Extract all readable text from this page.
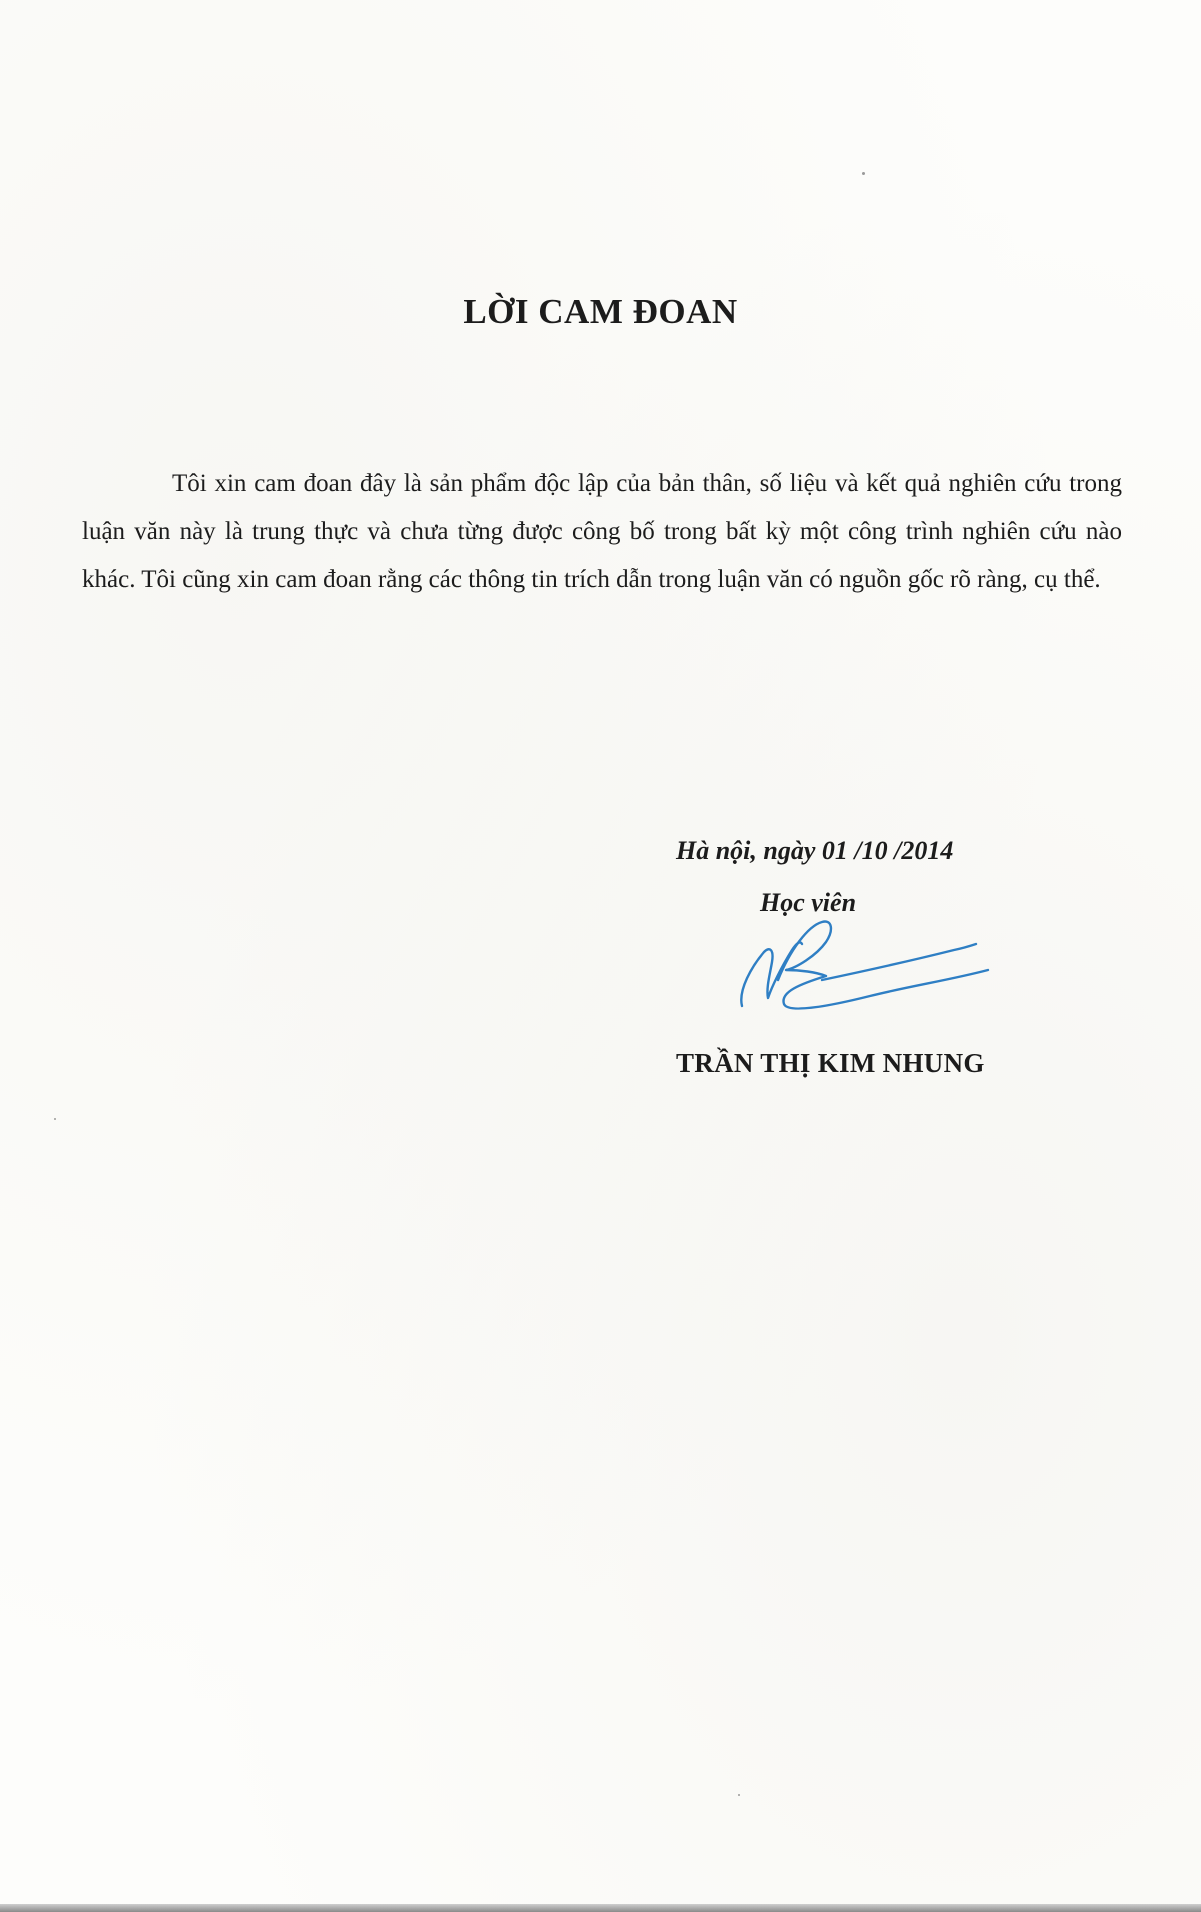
LỜI CAM ĐOAN

Tôi xin cam đoan đây là sản phẩm độc lập của bản thân, số liệu và kết quả nghiên cứu trong luận văn này là trung thực và chưa từng được công bố trong bất kỳ một công trình nghiên cứu nào khác. Tôi cũng xin cam đoan rằng các thông tin trích dẫn trong luận văn có nguồn gốc rõ ràng, cụ thể.

Hà nội, ngày 01 /10 /2014

Học viên

TRẦN THỊ KIM NHUNG
